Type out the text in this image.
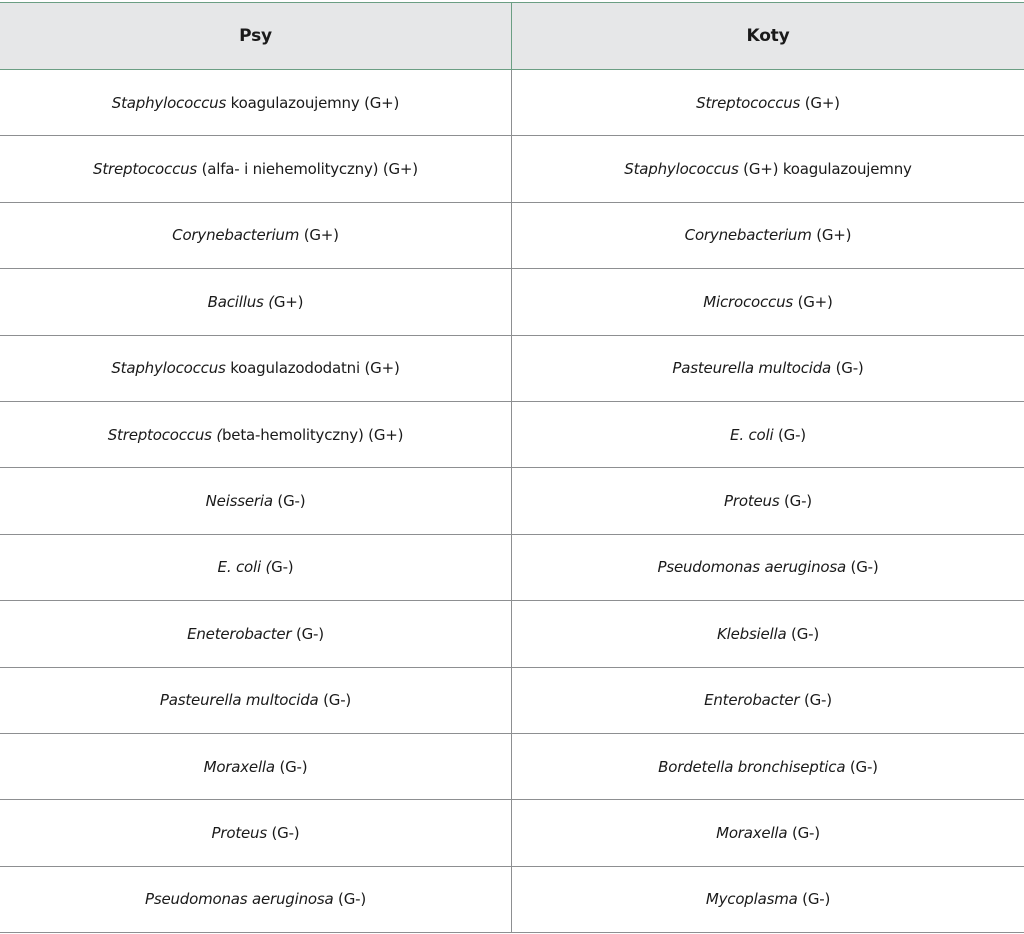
Psy	Koty
Staphylococcus koagulazoujemny (G+)	Streptococcus (G+)
Streptococcus (alfa- i niehemolityczny) (G+)	Staphylococcus (G+) koagulazoujemny
Corynebacterium (G+)	Corynebacterium (G+)
Bacillus (G+)	Micrococcus (G+)
Staphylococcus koagulazododatni (G+)	Pasteurella multocida (G-)
Streptococcus (beta-hemolityczny) (G+)	E. coli (G-)
Neisseria (G-)	Proteus (G-)
E. coli (G-)	Pseudomonas aeruginosa (G-)
Eneterobacter (G-)	Klebsiella (G-)
Pasteurella multocida (G-)	Enterobacter (G-)
Moraxella (G-)	Bordetella bronchiseptica (G-)
Proteus (G-)	Moraxella (G-)
Pseudomonas aeruginosa (G-)	Mycoplasma (G-)
